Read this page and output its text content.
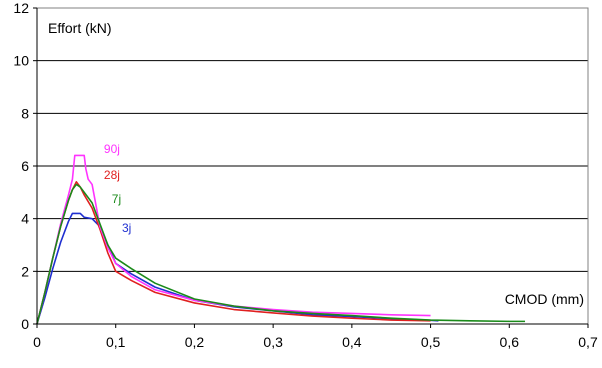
0
2
4
6
8
10
12
0	0,1	0,2	0,3	0,4	0,5	0,6	0,7
3j
7j
28j
90j
Effort (kN)
CMOD (mm)
